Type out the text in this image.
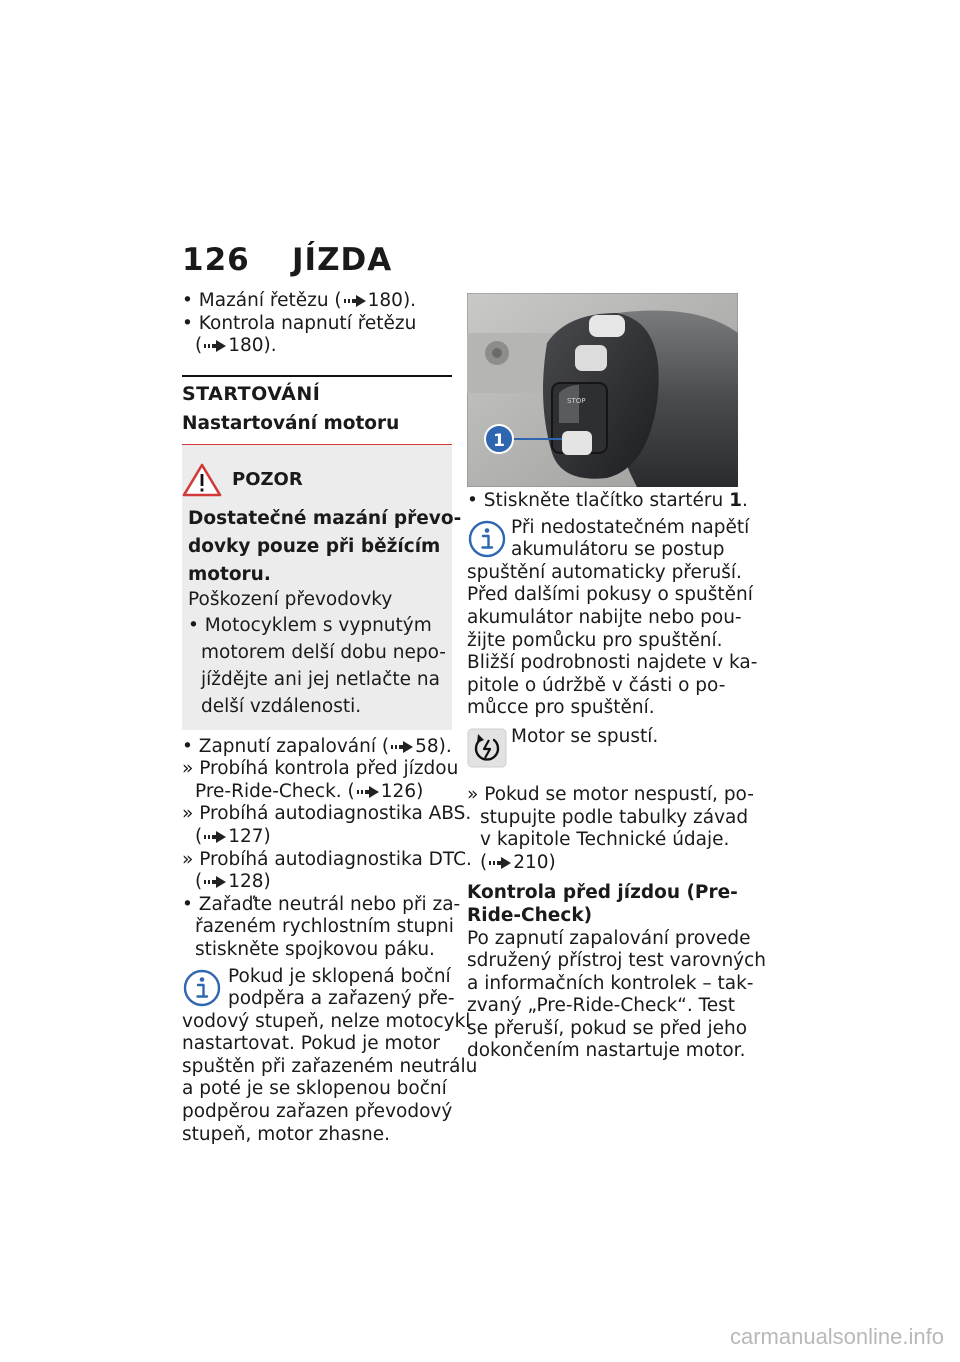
126 JÍZDA
• Mazání řetězu ( 180).
• Kontrola napnutí řetězu
( 180).
STARTOVÁNÍ
Nastartování motoru
POZOR
Dostatečné mazání převo-
dovky pouze při běžícím
motoru.
Poškození převodovky
• Motocyklem s vypnutým
motorem delší dobu nepo-
jíždějte ani jej netlačte na
delší vzdálenosti.
• Zapnutí zapalování ( 58).
» Probíhá kontrola před jízdou
Pre-Ride-Check. ( 126)
» Probíhá autodiagnostika ABS.
( 127)
» Probíhá autodiagnostika DTC.
( 128)
• Zařaďte neutrál nebo při za-
řazeném rychlostním stupni
stiskněte spojkovou páku.
Pokud je sklopená boční
podpěra a zařazený pře-
vodový stupeň, nelze motocykl
nastartovat. Pokud je motor
spuštěn při zařazeném neutrálu
a poté je se sklopenou boční
podpěrou zařazen převodový
stupeň, motor zhasne.
STOP
1
• Stiskněte tlačítko startéru 1.
Při nedostatečném napětí
akumulátoru se postup
spuštění automaticky přeruší.
Před dalšími pokusy o spuštění
akumulátor nabijte nebo pou-
žijte pomůcku pro spuštění.
Bližší podrobnosti najdete v ka-
pitole o údržbě v části o po-
můcce pro spuštění.
Motor se spustí.
» Pokud se motor nespustí, po-
stupujte podle tabulky závad
v kapitole Technické údaje.
( 210)
Kontrola před jízdou (Pre-
Ride-Check)
Po zapnutí zapalování provede
sdružený přístroj test varovných
a informačních kontrolek – tak-
zvaný „Pre-Ride-Check“. Test
se přeruší, pokud se před jeho
dokončením nastartuje motor.
carmanualsonline.info
